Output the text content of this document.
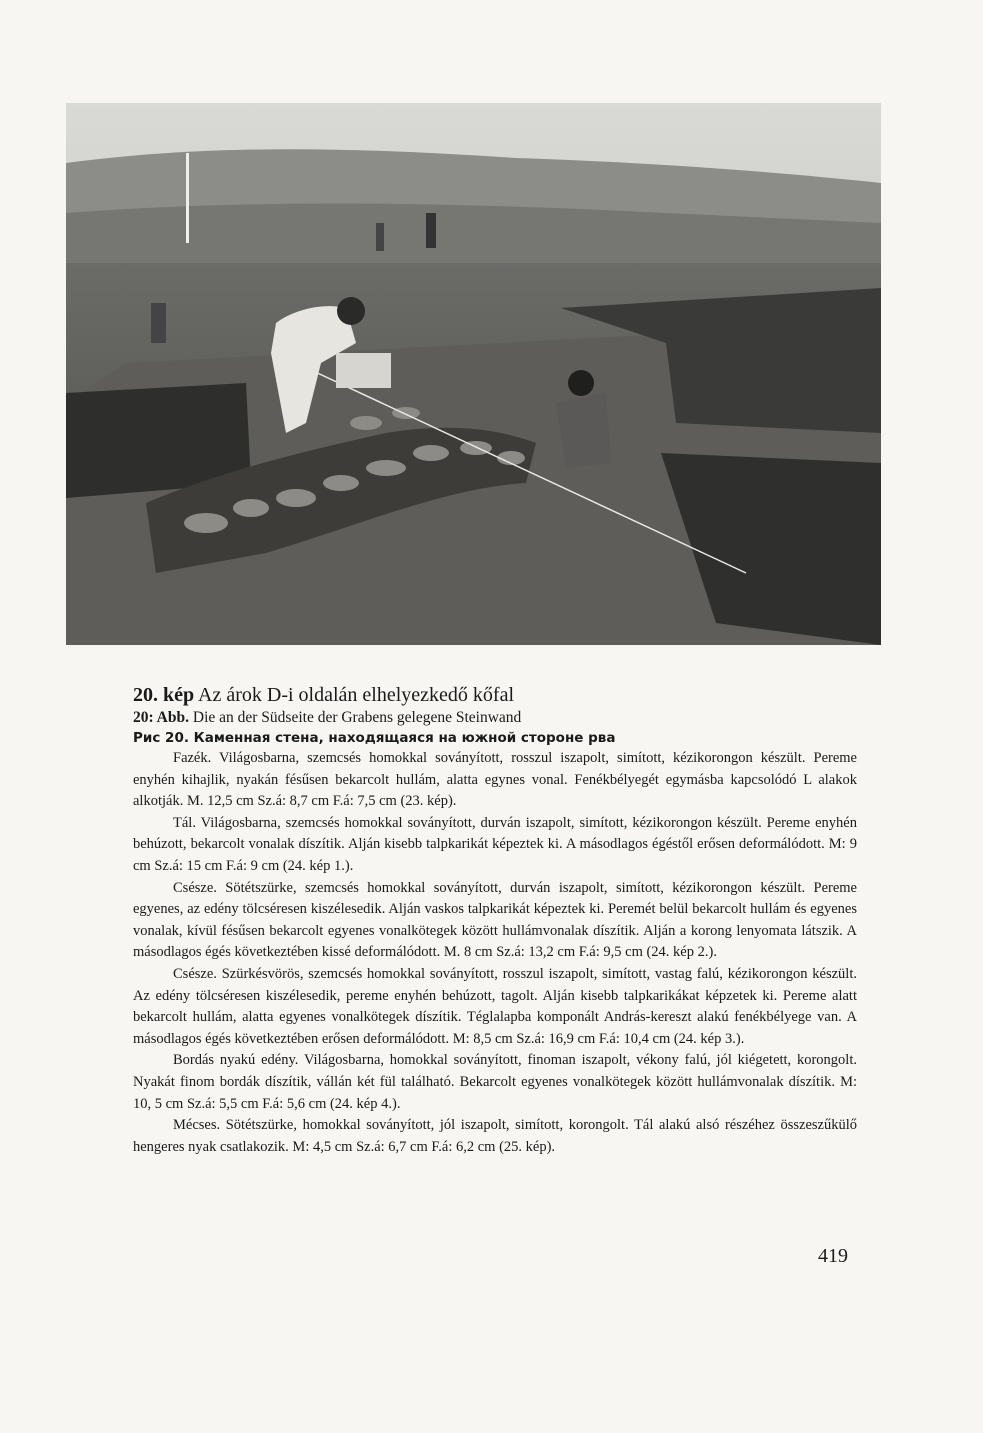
20. kép Az árok D-i oldalán elhelyezkedő kőfal

20: Abb. Die an der Südseite der Grabens gelegene Steinwand

Рис 20. Каменная стена, находящаяся на южной стороне рва

Fazék. Világosbarna, szemcsés homokkal soványított, rosszul iszapolt, simított, kézikorongon készült. Pereme enyhén kihajlik, nyakán fésűsen bekarcolt hullám, alatta egynes vonal. Fenékbélyegét egymásba kapcsolódó L alakok alkotják. M. 12,5 cm Sz.á: 8,7 cm F.á: 7,5 cm (23. kép).

Tál. Világosbarna, szemcsés homokkal soványított, durván iszapolt, simított, kézikorongon készült. Pereme enyhén behúzott, bekarcolt vonalak díszítik. Alján kisebb talpkarikát képeztek ki. A másodlagos égéstől erősen deformálódott. M: 9 cm Sz.á: 15 cm F.á: 9 cm (24. kép 1.).

Csésze. Sötétszürke, szemcsés homokkal soványított, durván iszapolt, simított, kézikorongon készült. Pereme egyenes, az edény tölcséresen kiszélesedik. Alján vaskos talpkarikát képeztek ki. Peremét belül bekarcolt hullám és egyenes vonalak, kívül fésűsen bekarcolt egyenes vonalkötegek között hullámvonalak díszítik. Alján a korong lenyomata látszik. A másodlagos égés következtében kissé deformálódott. M. 8 cm Sz.á: 13,2 cm F.á: 9,5 cm (24. kép 2.).

Csésze. Szürkésvörös, szemcsés homokkal soványított, rosszul iszapolt, simított, vastag falú, kézikorongon készült. Az edény tölcséresen kiszélesedik, pereme enyhén behúzott, tagolt. Alján kisebb talpkarikákat képzetek ki. Pereme alatt bekarcolt hullám, alatta egyenes vonalkötegek díszítik. Téglalapba komponált András-kereszt alakú fenékbélyege van. A másodlagos égés következtében erősen deformálódott. M: 8,5 cm Sz.á: 16,9 cm F.á: 10,4 cm (24. kép 3.).

Bordás nyakú edény. Világosbarna, homokkal soványított, finoman iszapolt, vékony falú, jól kiégetett, korongolt. Nyakát finom bordák díszítik, vállán két fül található. Bekarcolt egyenes vonalkötegek között hullámvonalak díszítik. M: 10, 5 cm Sz.á: 5,5 cm F.á: 5,6 cm (24. kép 4.).

Mécses. Sötétszürke, homokkal soványított, jól iszapolt, simított, korongolt. Tál alakú alsó részéhez összeszűkülő hengeres nyak csatlakozik. M: 4,5 cm Sz.á: 6,7 cm F.á: 6,2 cm (25. kép).

419
